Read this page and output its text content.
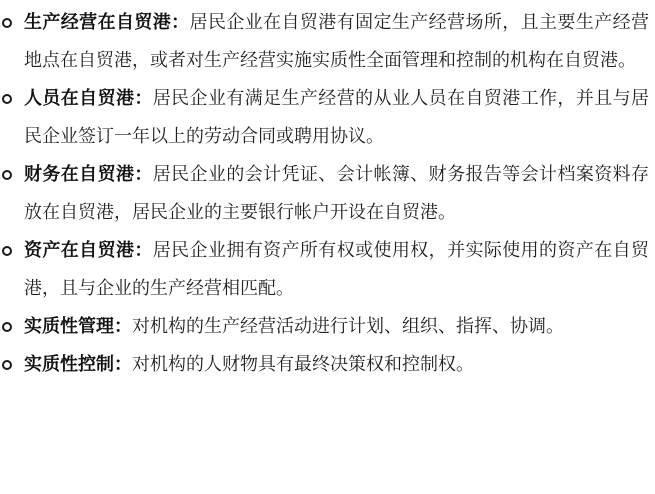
生产经营在自贸港：居民企业在自贸港有固定生产经营场所，且主要生产经营地点在自贸港，或者对生产经营实施实质性全面管理和控制的机构在自贸港。
人员在自贸港：居民企业有满足生产经营的从业人员在自贸港工作，并且与居民企业签订一年以上的劳动合同或聘用协议。
财务在自贸港：居民企业的会计凭证、会计帐簿、财务报告等会计档案资料存放在自贸港，居民企业的主要银行帐户开设在自贸港。
资产在自贸港：居民企业拥有资产所有权或使用权，并实际使用的资产在自贸港，且与企业的生产经营相匹配。
实质性管理：对机构的生产经营活动进行计划、组织、指挥、协调。
实质性控制：对机构的人财物具有最终决策权和控制权。
